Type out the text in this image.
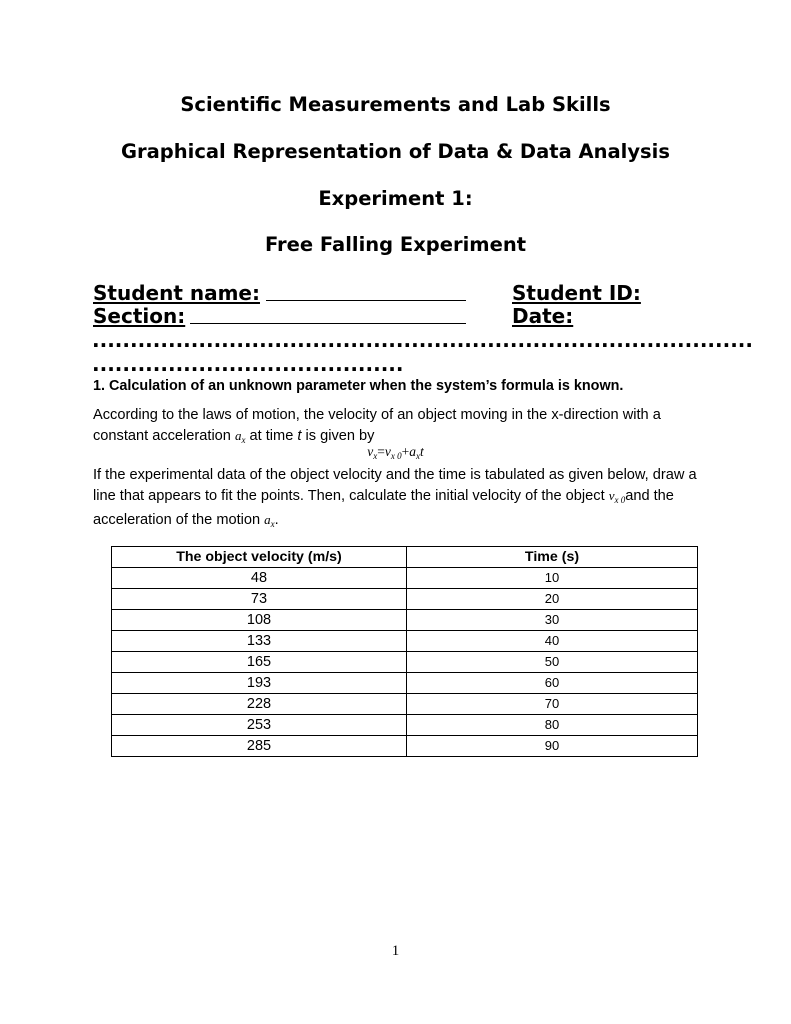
Scientific Measurements and Lab Skills
Graphical Representation of Data & Data Analysis
Experiment 1:
Free Falling Experiment
Student name:	Student ID:
Section:	Date:
.......................................................................................
.........................................
1. Calculation of an unknown parameter when the system’s formula is known.
According to the laws of motion, the velocity of an object moving in the x-direction with a constant acceleration $a_x$ at time t is given by
$v_x=v_{x 0}+a_xt$
If the experimental data of the object velocity and the time is tabulated as given below, draw a line that appears to fit the points. Then, calculate the initial velocity of the object $v_{x 0}and$ the acceleration of the motion $a_x$.
The object velocity (m/s)	Time (s)
48	10
73	20
108	30
133	40
165	50
193	60
228	70
253	80
285	90
1
